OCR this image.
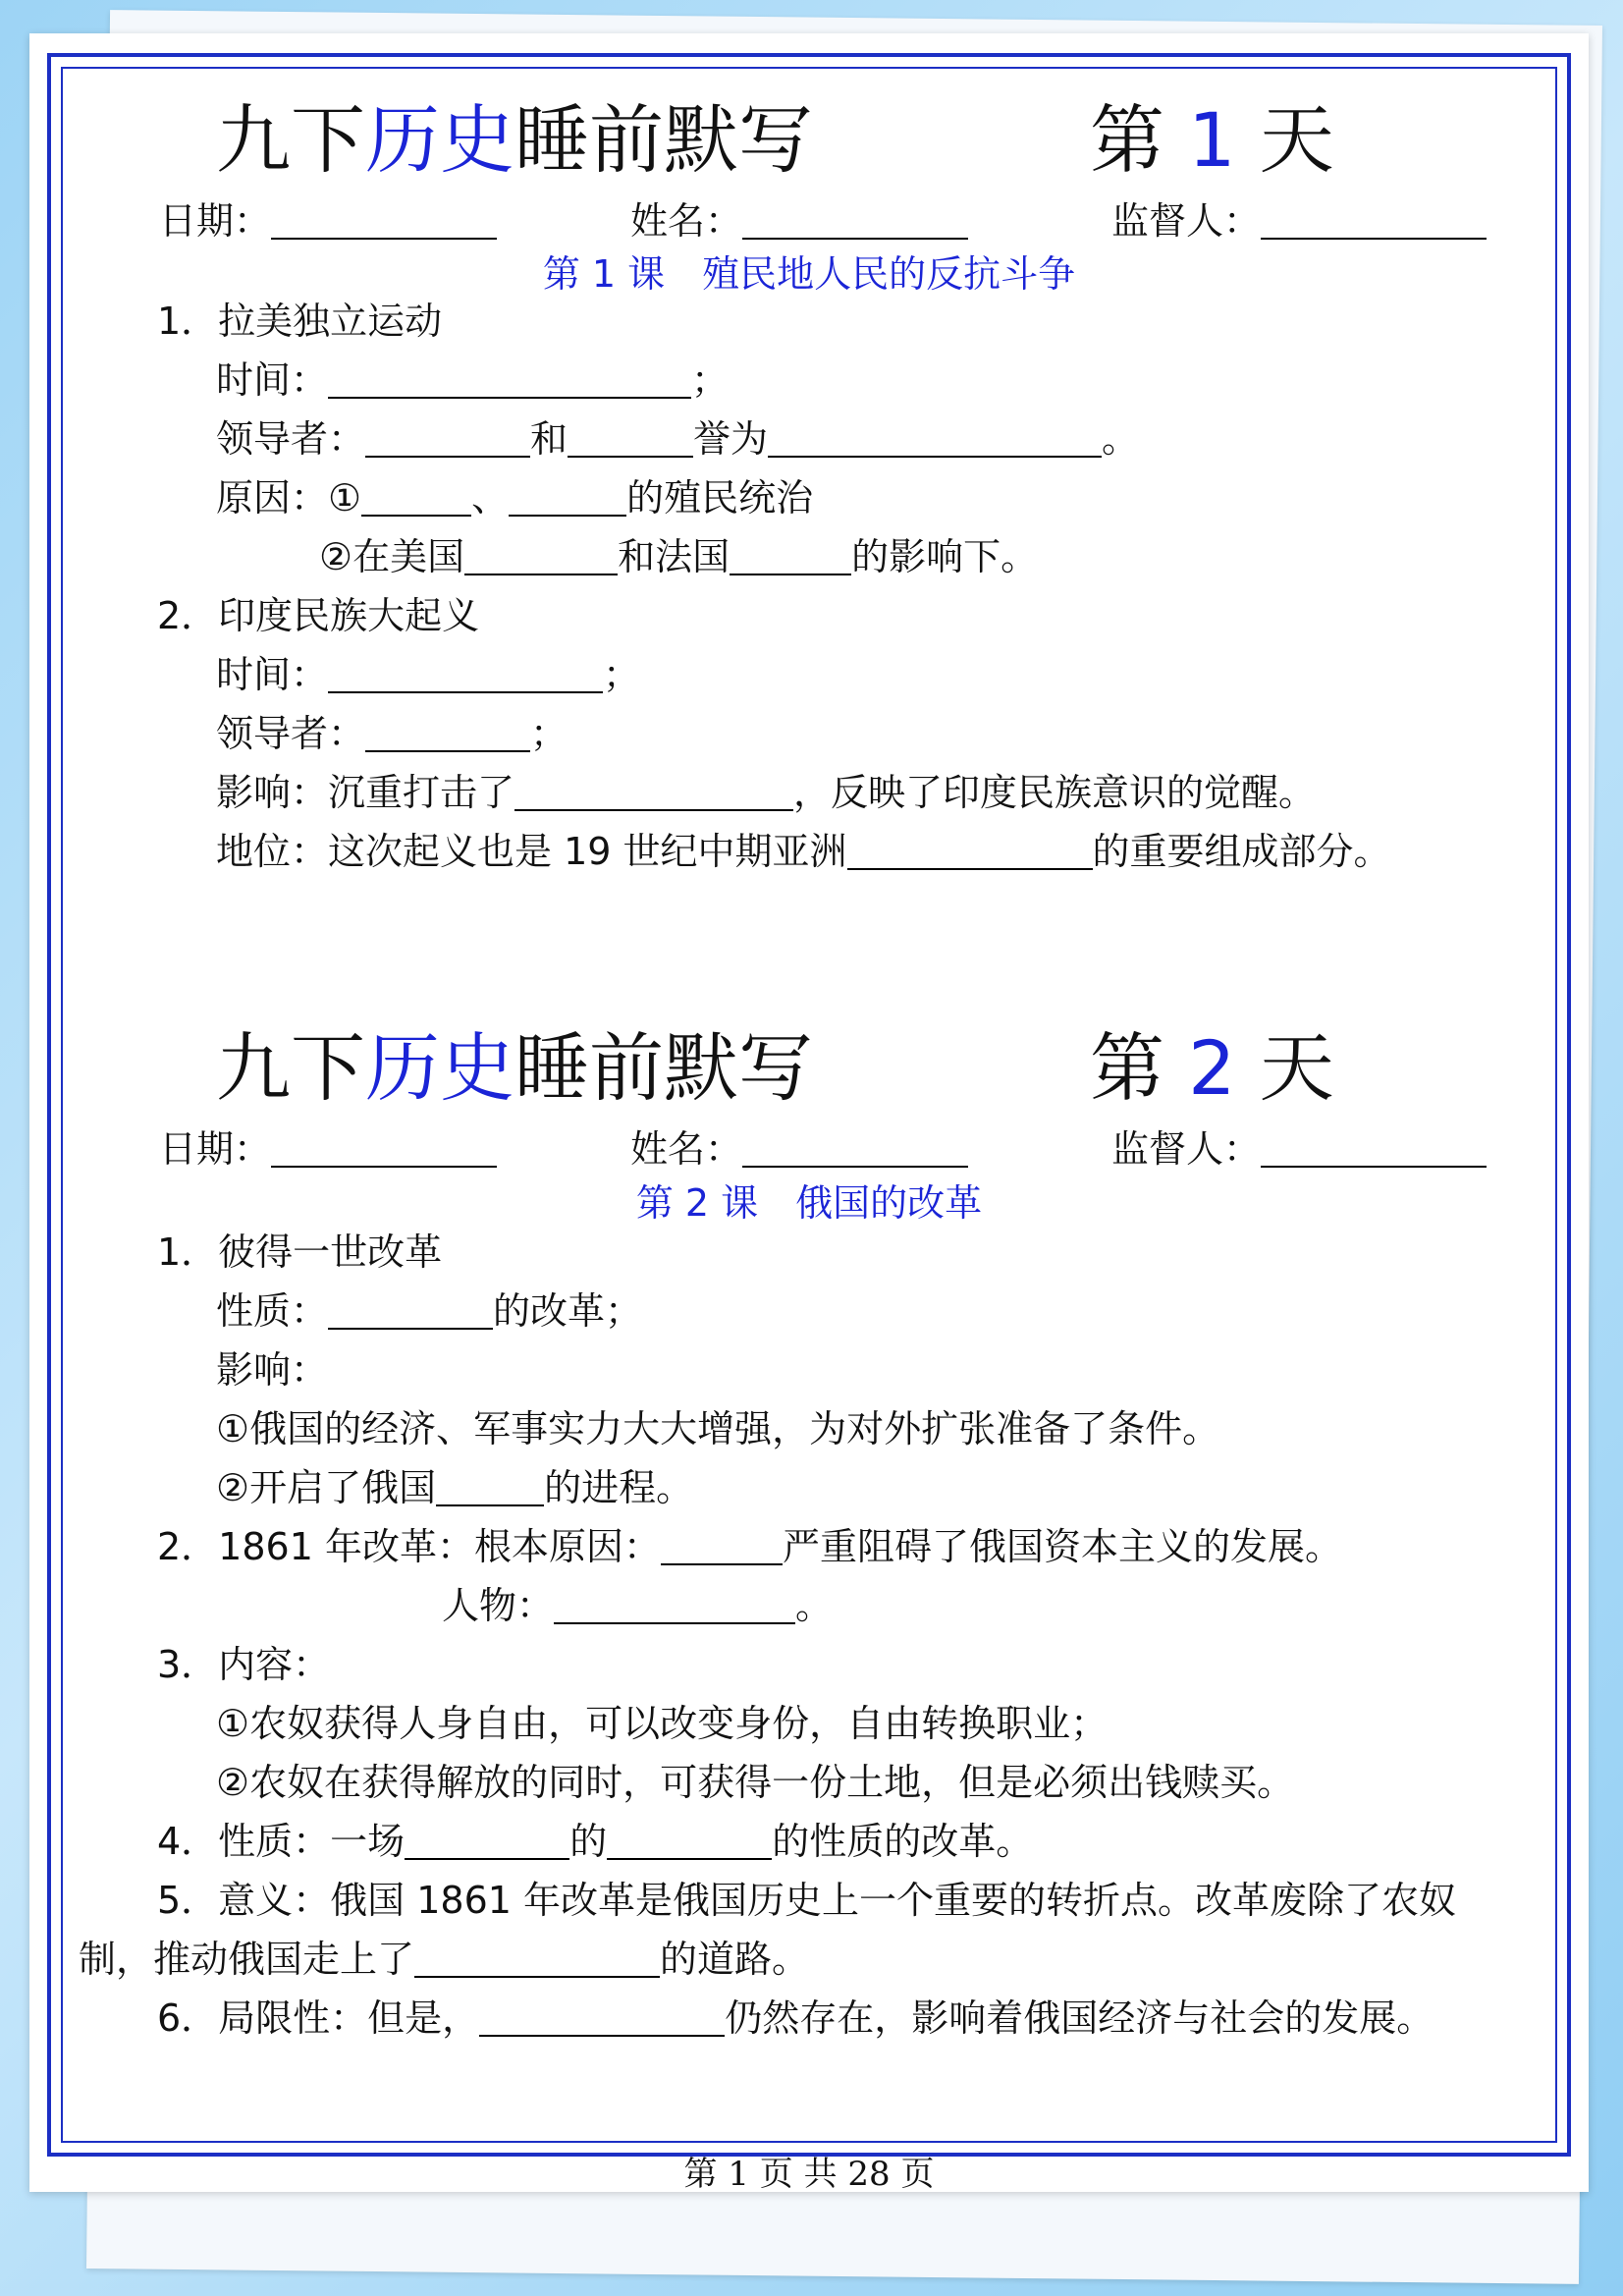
九下历史睡前默写	第 1 天
日期：	姓名：	监督人：
第 1 课　殖民地人民的反抗斗争
1．拉美独立运动
时间：	；
领导者：	和	誉为	。
原因：①	、	的殖民统治
②在美国	和法国	的影响下。
2．印度民族大起义
时间：	；
领导者：	；
影响：沉重打击了	，反映了印度民族意识的觉醒。
地位：这次起义也是 19 世纪中期亚洲	的重要组成部分。
九下历史睡前默写	第 2 天
日期：	姓名：	监督人：
第 2 课　俄国的改革
1．彼得一世改革
性质：	的改革；
影响：
①俄国的经济、军事实力大大增强，为对外扩张准备了条件。
②开启了俄国	的进程。
2．1861 年改革：根本原因：	严重阻碍了俄国资本主义的发展。
人物：	。
3．内容：
①农奴获得人身自由，可以改变身份，自由转换职业；
②农奴在获得解放的同时，可获得一份土地，但是必须出钱赎买。
4．性质：一场	的	的性质的改革。
5．意义：俄国 1861 年改革是俄国历史上一个重要的转折点。改革废除了农奴
制，推动俄国走上了	的道路。
6．局限性：但是，	仍然存在，影响着俄国经济与社会的发展。
第 1 页 共 28 页
